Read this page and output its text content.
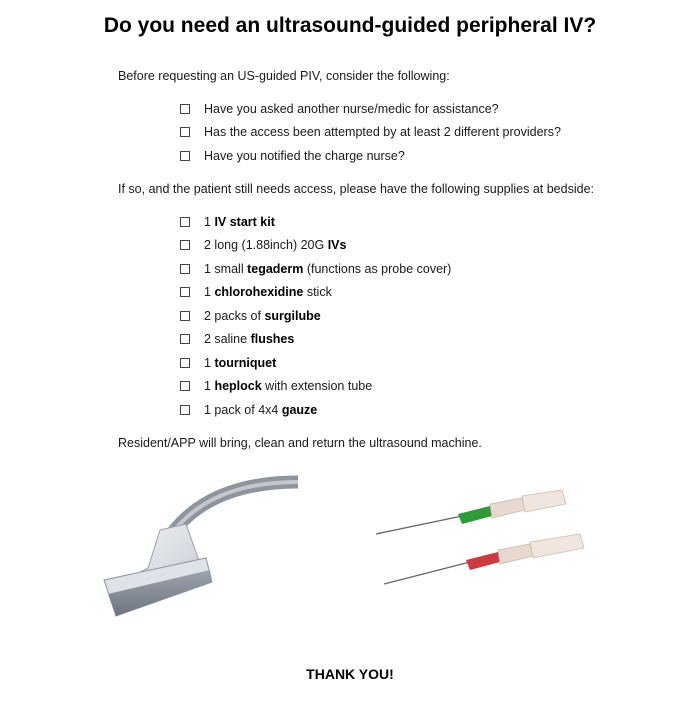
Do you need an ultrasound-guided peripheral IV?
Before requesting an US-guided PIV, consider the following:
Have you asked another nurse/medic for assistance?
Has the access been attempted by at least 2 different providers?
Have you notified the charge nurse?
If so, and the patient still needs access, please have the following supplies at bedside:
1 IV start kit
2 long (1.88inch) 20G IVs
1 small tegaderm (functions as probe cover)
1 chlorohexidine stick
2 packs of surgilube
2 saline flushes
1 tourniquet
1 heplock with extension tube
1 pack of 4x4 gauze
Resident/APP will bring, clean and return the ultrasound machine.
THANK YOU!
